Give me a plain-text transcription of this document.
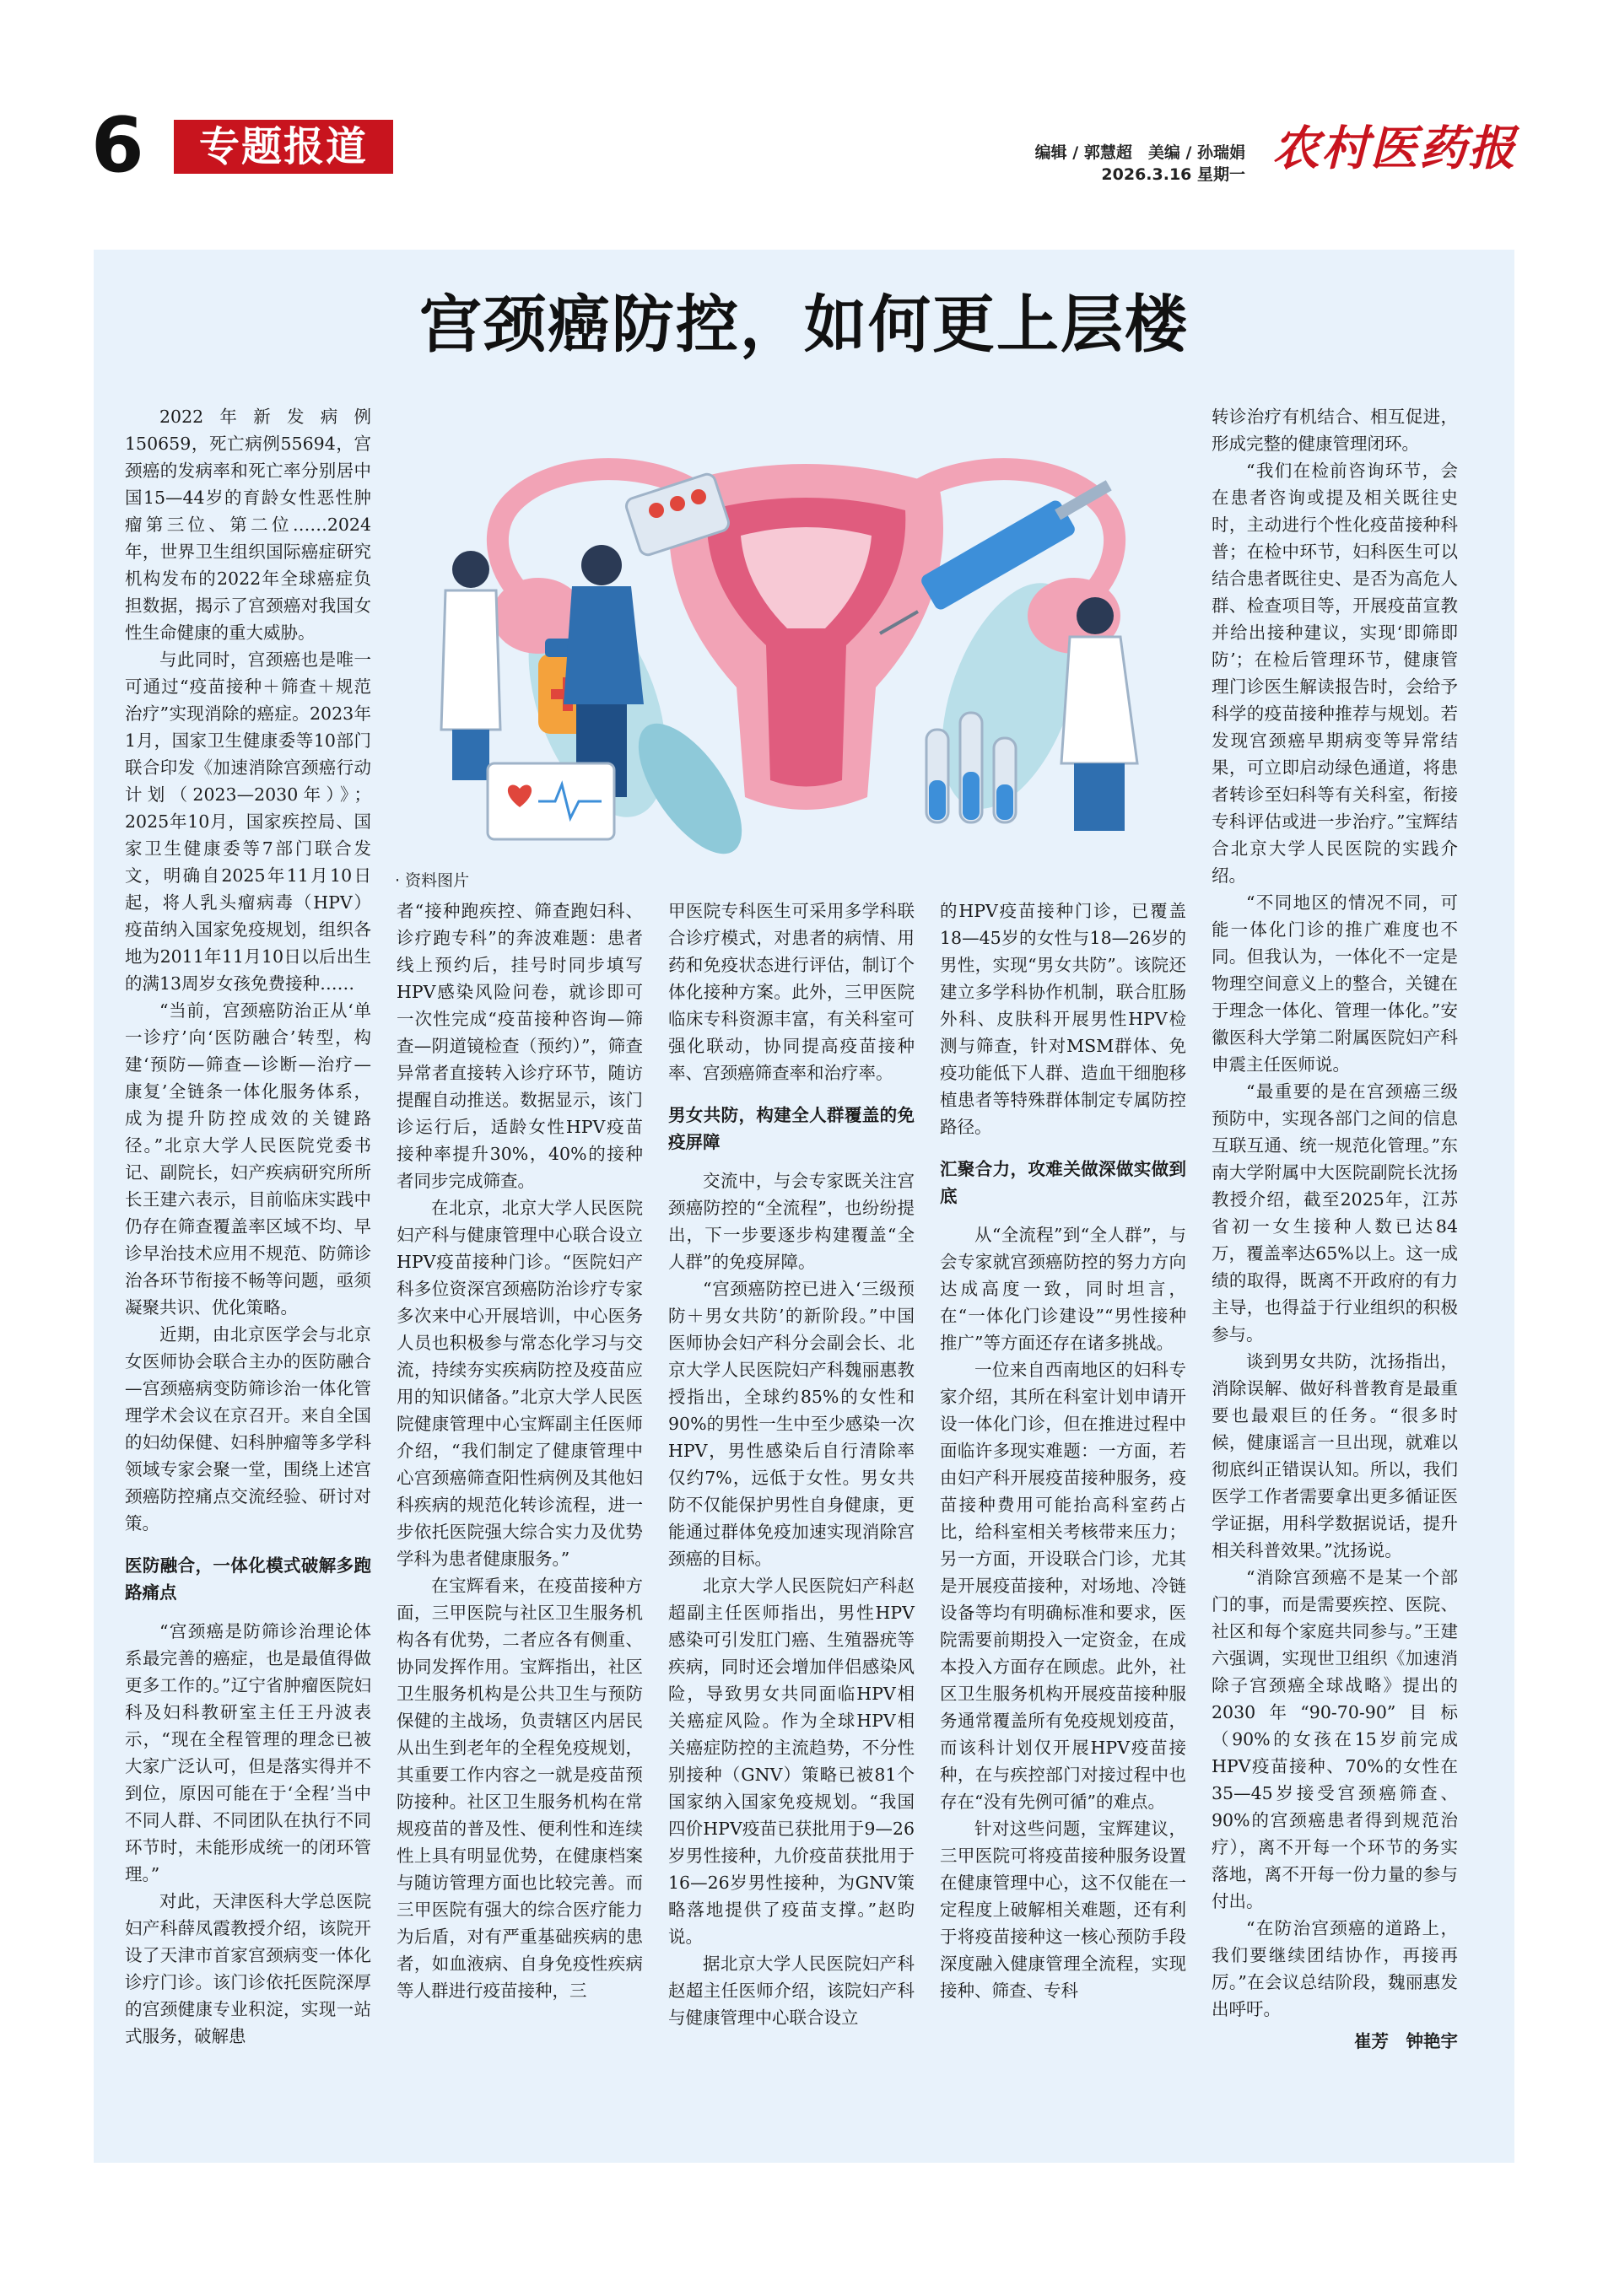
6	专题报道	编辑 / 郭慧超　美编 / 孙瑞娟
2026.3.16 星期一 农村医药报
宫颈癌防控，如何更上层楼
· 资料图片

2022年新发病例150659，死亡病例55694，宫颈癌的发病率和死亡率分别居中国15—44岁的育龄女性恶性肿瘤第三位、第二位……2024年，世界卫生组织国际癌症研究机构发布的2022年全球癌症负担数据，揭示了宫颈癌对我国女性生命健康的重大威胁。

与此同时，宫颈癌也是唯一可通过“疫苗接种＋筛查＋规范治疗”实现消除的癌症。2023年1月，国家卫生健康委等10部门联合印发《加速消除宫颈癌行动计划（2023—2030年）》；2025年10月，国家疾控局、国家卫生健康委等7部门联合发文，明确自2025年11月10日起，将人乳头瘤病毒（HPV）疫苗纳入国家免疫规划，组织各地为2011年11月10日以后出生的满13周岁女孩免费接种……

“当前，宫颈癌防治正从‘单一诊疗’向‘医防融合’转型，构建‘预防—筛查—诊断—治疗—康复’全链条一体化服务体系，成为提升防控成效的关键路径。”北京大学人民医院党委书记、副院长，妇产疾病研究所所长王建六表示，目前临床实践中仍存在筛查覆盖率区域不均、早诊早治技术应用不规范、防筛诊治各环节衔接不畅等问题，亟须凝聚共识、优化策略。

近期，由北京医学会与北京女医师协会联合主办的医防融合—宫颈癌病变防筛诊治一体化管理学术会议在京召开。来自全国的妇幼保健、妇科肿瘤等多学科领域专家会聚一堂，围绕上述宫颈癌防控痛点交流经验、研讨对策。

医防融合，一体化模式破解多跑路痛点

“宫颈癌是防筛诊治理论体系最完善的癌症，也是最值得做更多工作的。”辽宁省肿瘤医院妇科及妇科教研室主任王丹波表示，“现在全程管理的理念已被大家广泛认可，但是落实得并不到位，原因可能在于‘全程’当中不同人群、不同团队在执行不同环节时，未能形成统一的闭环管理。”

对此，天津医科大学总医院妇产科薛凤霞教授介绍，该院开设了天津市首家宫颈病变一体化诊疗门诊。该门诊依托医院深厚的宫颈健康专业积淀，实现一站式服务，破解患

者“接种跑疾控、筛查跑妇科、诊疗跑专科”的奔波难题：患者线上预约后，挂号时同步填写HPV感染风险问卷，就诊即可一次性完成“疫苗接种咨询—筛查—阴道镜检查（预约）”，筛查异常者直接转入诊疗环节，随访提醒自动推送。数据显示，该门诊运行后，适龄女性HPV疫苗接种率提升30%，40%的接种者同步完成筛查。

在北京，北京大学人民医院妇产科与健康管理中心联合设立HPV疫苗接种门诊。“医院妇产科多位资深宫颈癌防治诊疗专家多次来中心开展培训，中心医务人员也积极参与常态化学习与交流，持续夯实疾病防控及疫苗应用的知识储备。”北京大学人民医院健康管理中心宝辉副主任医师介绍，“我们制定了健康管理中心宫颈癌筛查阳性病例及其他妇科疾病的规范化转诊流程，进一步依托医院强大综合实力及优势学科为患者健康服务。”

在宝辉看来，在疫苗接种方面，三甲医院与社区卫生服务机构各有优势，二者应各有侧重、协同发挥作用。宝辉指出，社区卫生服务机构是公共卫生与预防保健的主战场，负责辖区内居民从出生到老年的全程免疫规划，其重要工作内容之一就是疫苗预防接种。社区卫生服务机构在常规疫苗的普及性、便利性和连续性上具有明显优势，在健康档案与随访管理方面也比较完善。而三甲医院有强大的综合医疗能力为后盾，对有严重基础疾病的患者，如血液病、自身免疫性疾病等人群进行疫苗接种，三

甲医院专科医生可采用多学科联合诊疗模式，对患者的病情、用药和免疫状态进行评估，制订个体化接种方案。此外，三甲医院临床专科资源丰富，有关科室可强化联动，协同提高疫苗接种率、宫颈癌筛查率和治疗率。

男女共防，构建全人群覆盖的免疫屏障

交流中，与会专家既关注宫颈癌防控的“全流程”，也纷纷提出，下一步要逐步构建覆盖“全人群”的免疫屏障。

“宫颈癌防控已进入‘三级预防＋男女共防’的新阶段。”中国医师协会妇产科分会副会长、北京大学人民医院妇产科魏丽惠教授指出，全球约85%的女性和90%的男性一生中至少感染一次HPV，男性感染后自行清除率仅约7%，远低于女性。男女共防不仅能保护男性自身健康，更能通过群体免疫加速实现消除宫颈癌的目标。

北京大学人民医院妇产科赵超副主任医师指出，男性HPV感染可引发肛门癌、生殖器疣等疾病，同时还会增加伴侣感染风险，导致男女共同面临HPV相关癌症风险。作为全球HPV相关癌症防控的主流趋势，不分性别接种（GNV）策略已被81个国家纳入国家免疫规划。“我国四价HPV疫苗已获批用于9—26岁男性接种，九价疫苗获批用于16—26岁男性接种，为GNV策略落地提供了疫苗支撑。”赵昀说。

据北京大学人民医院妇产科赵超主任医师介绍，该院妇产科与健康管理中心联合设立

的HPV疫苗接种门诊，已覆盖18—45岁的女性与18—26岁的男性，实现“男女共防”。该院还建立多学科协作机制，联合肛肠外科、皮肤科开展男性HPV检测与筛查，针对MSM群体、免疫功能低下人群、造血干细胞移植患者等特殊群体制定专属防控路径。

汇聚合力，攻难关做深做实做到底

从“全流程”到“全人群”，与会专家就宫颈癌防控的努力方向达成高度一致，同时坦言，在“一体化门诊建设”“男性接种推广”等方面还存在诸多挑战。

一位来自西南地区的妇科专家介绍，其所在科室计划申请开设一体化门诊，但在推进过程中面临许多现实难题：一方面，若由妇产科开展疫苗接种服务，疫苗接种费用可能抬高科室药占比，给科室相关考核带来压力；另一方面，开设联合门诊，尤其是开展疫苗接种，对场地、冷链设备等均有明确标准和要求，医院需要前期投入一定资金，在成本投入方面存在顾虑。此外，社区卫生服务机构开展疫苗接种服务通常覆盖所有免疫规划疫苗，而该科计划仅开展HPV疫苗接种，在与疾控部门对接过程中也存在“没有先例可循”的难点。

针对这些问题，宝辉建议，三甲医院可将疫苗接种服务设置在健康管理中心，这不仅能在一定程度上破解相关难题，还有利于将疫苗接种这一核心预防手段深度融入健康管理全流程，实现接种、筛查、专科

转诊治疗有机结合、相互促进，形成完整的健康管理闭环。

“我们在检前咨询环节，会在患者咨询或提及相关既往史时，主动进行个性化疫苗接种科普；在检中环节，妇科医生可以结合患者既往史、是否为高危人群、检查项目等，开展疫苗宣教并给出接种建议，实现‘即筛即防’；在检后管理环节，健康管理门诊医生解读报告时，会给予科学的疫苗接种推荐与规划。若发现宫颈癌早期病变等异常结果，可立即启动绿色通道，将患者转诊至妇科等有关科室，衔接专科评估或进一步治疗。”宝辉结合北京大学人民医院的实践介绍。

“不同地区的情况不同，可能一体化门诊的推广难度也不同。但我认为，一体化不一定是物理空间意义上的整合，关键在于理念一体化、管理一体化。”安徽医科大学第二附属医院妇产科申震主任医师说。

“最重要的是在宫颈癌三级预防中，实现各部门之间的信息互联互通、统一规范化管理。”东南大学附属中大医院副院长沈扬教授介绍，截至2025年，江苏省初一女生接种人数已达84万，覆盖率达65%以上。这一成绩的取得，既离不开政府的有力主导，也得益于行业组织的积极参与。

谈到男女共防，沈扬指出，消除误解、做好科普教育是最重要也最艰巨的任务。“很多时候，健康谣言一旦出现，就难以彻底纠正错误认知。所以，我们医学工作者需要拿出更多循证医学证据，用科学数据说话，提升相关科普效果。”沈扬说。

“消除宫颈癌不是某一个部门的事，而是需要疾控、医院、社区和每个家庭共同参与。”王建六强调，实现世卫组织《加速消除子宫颈癌全球战略》提出的2030年“90-70-90”目标（90%的女孩在15岁前完成HPV疫苗接种、70%的女性在35—45岁接受宫颈癌筛查、90%的宫颈癌患者得到规范治疗），离不开每一个环节的务实落地，离不开每一份力量的参与付出。

“在防治宫颈癌的道路上，我们要继续团结协作，再接再厉。”在会议总结阶段，魏丽惠发出呼吁。

崔芳　钟艳宇
